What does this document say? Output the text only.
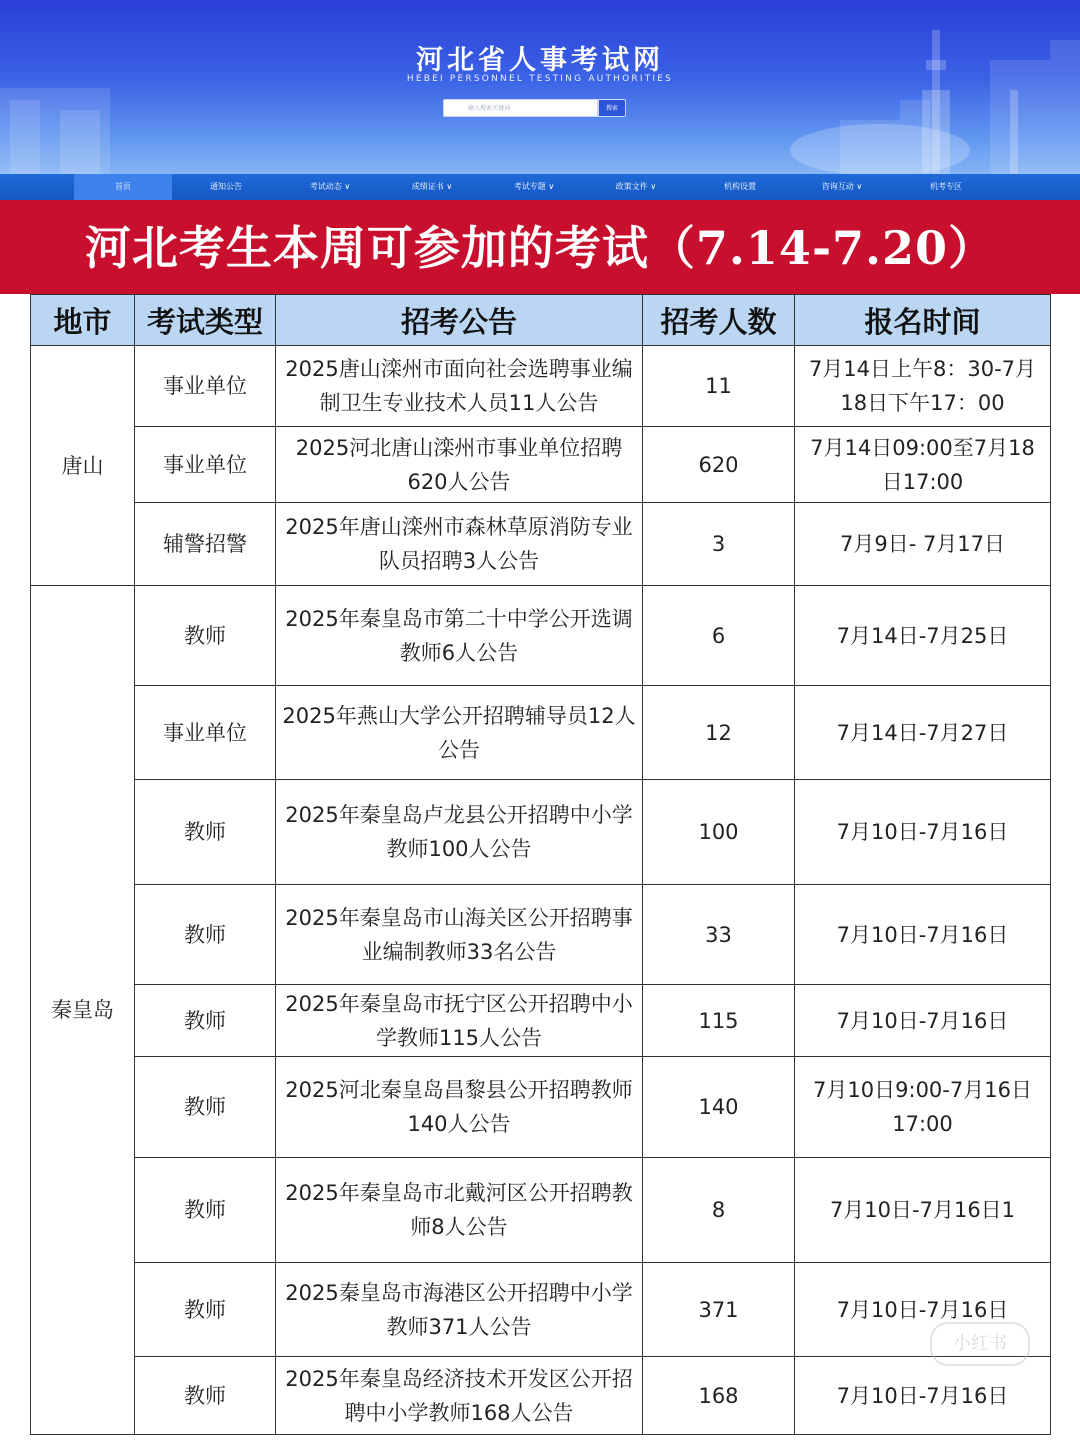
河北省人事考试网
HEBEI PERSONNEL TESTING AUTHORITIES
输入搜索关键词	搜索
首页	通知公告	考试动态 ∨	成绩证书 ∨	考试专题 ∨	政策文件 ∨	机构设置	咨询互动 ∨	机考专区
河北考生本周可参加的考试（7.14-7.20）
地市	考试类型	招考公告	招考人数	报名时间
唐山	事业单位	2025唐山滦州市面向社会选聘事业编制卫生专业技术人员11人公告	11	7月14日上午8：30-7月18日下午17：00
	事业单位	2025河北唐山滦州市事业单位招聘620人公告	620	7月14日09:00至7月18日17:00
	辅警招警	2025年唐山滦州市森林草原消防专业队员招聘3人公告	3	7月9日- 7月17日
秦皇岛	教师	2025年秦皇岛市第二十中学公开选调教师6人公告	6	7月14日-7月25日
	事业单位	2025年燕山大学公开招聘辅导员12人公告	12	7月14日-7月27日
	教师	2025年秦皇岛卢龙县公开招聘中小学教师100人公告	100	7月10日-7月16日
	教师	2025年秦皇岛市山海关区公开招聘事业编制教师33名公告	33	7月10日-7月16日
	教师	2025年秦皇岛市抚宁区公开招聘中小学教师115人公告	115	7月10日-7月16日
	教师	2025河北秦皇岛昌黎县公开招聘教师140人公告	140	7月10日9:00-7月16日17:00
	教师	2025年秦皇岛市北戴河区公开招聘教师8人公告	8	7月10日-7月16日1
	教师	2025秦皇岛市海港区公开招聘中小学教师371人公告	371	7月10日-7月16日
	教师	2025年秦皇岛经济技术开发区公开招聘中小学教师168人公告	168	7月10日-7月16日
小红书
